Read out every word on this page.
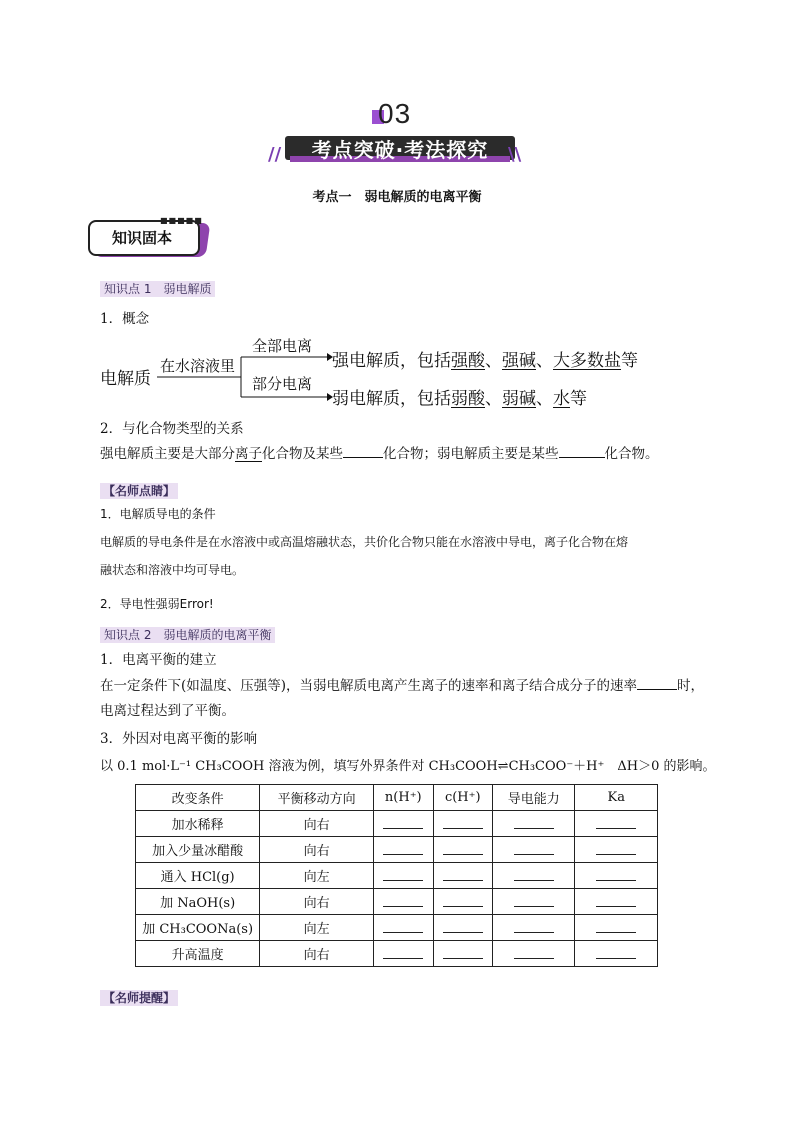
03
考点突破·考法探究
//	\\
考点一　弱电解质的电离平衡
■■■■■
知识固本
知识点 1　弱电解质
1．概念
电解质
在水溶液里
全部电离
部分电离
强电解质，包括强酸、强碱、大多数盐等
弱电解质，包括弱酸、弱碱、水等
2．与化合物类型的关系
强电解质主要是大部分离子化合物及某些	化合物；弱电解质主要是某些	化合物。
【名师点睛】
1．电解质导电的条件
电解质的导电条件是在水溶液中或高温熔融状态，共价化合物只能在水溶液中导电，离子化合物在熔
融状态和溶液中均可导电。
2．导电性强弱Error!
知识点 2　弱电解质的电离平衡
1．电离平衡的建立
在一定条件下(如温度、压强等)，当弱电解质电离产生离子的速率和离子结合成分子的速率	时，
电离过程达到了平衡。
3．外因对电离平衡的影响
以 0.1 mol·L⁻¹ CH₃COOH 溶液为例，填写外界条件对 CH₃COOH⇌CH₃COO⁻＋H⁺　ΔH＞0 的影响。
改变条件	平衡移动方向	n(H⁺)	c(H⁺)	导电能力	Ka
加水稀释	向右				
加入少量冰醋酸	向右				
通入 HCl(g)	向左				
加 NaOH(s)	向右				
加 CH₃COONa(s)	向左				
升高温度	向右				
【名师提醒】
